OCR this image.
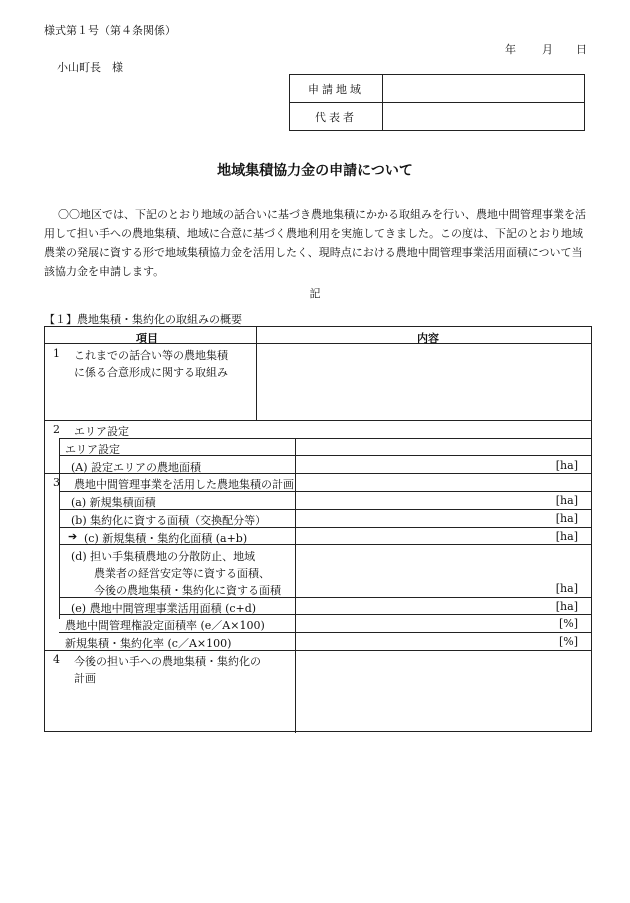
様式第１号（第４条関係）
年 月 日
小山町長　様
申請地域	
代表者	
地域集積協力金の申請について
〇〇地区では、下記のとおり地域の話合いに基づき農地集積にかかる取組みを行い、農地中間管理事業を活用して担い手への農地集積、地域に合意に基づく農地利用を実施してきました。この度は、下記のとおり地域農業の発展に資する形で地域集積協力金を活用したく、現時点における農地中間管理事業活用面積について当該協力金を申請します。
記
【１】農地集積・集約化の取組みの概要
項目	内容
1 これまでの話合い等の農地集積
に係る合意形成に関する取組み
2 エリア設定
エリア設定
(A) 設定エリアの農地面積	[ha]
3 農地中間管理事業を活用した農地集積の計画
(a) 新規集積面積	[ha]
(b) 集約化に資する面積（交換配分等）	[ha]
➔ (c) 新規集積・集約化面積 (a+b)	[ha]
(d) 担い手集積農地の分散防止、地域
農業者の経営安定等に資する面積、
今後の農地集積・集約化に資する面積	[ha]
(e) 農地中間管理事業活用面積 (c+d)	[ha]
農地中間管理権設定面積率 (e／A×100)	[%]
新規集積・集約化率 (c／A×100)	[%]
4 今後の担い手への農地集積・集約化の
計画
